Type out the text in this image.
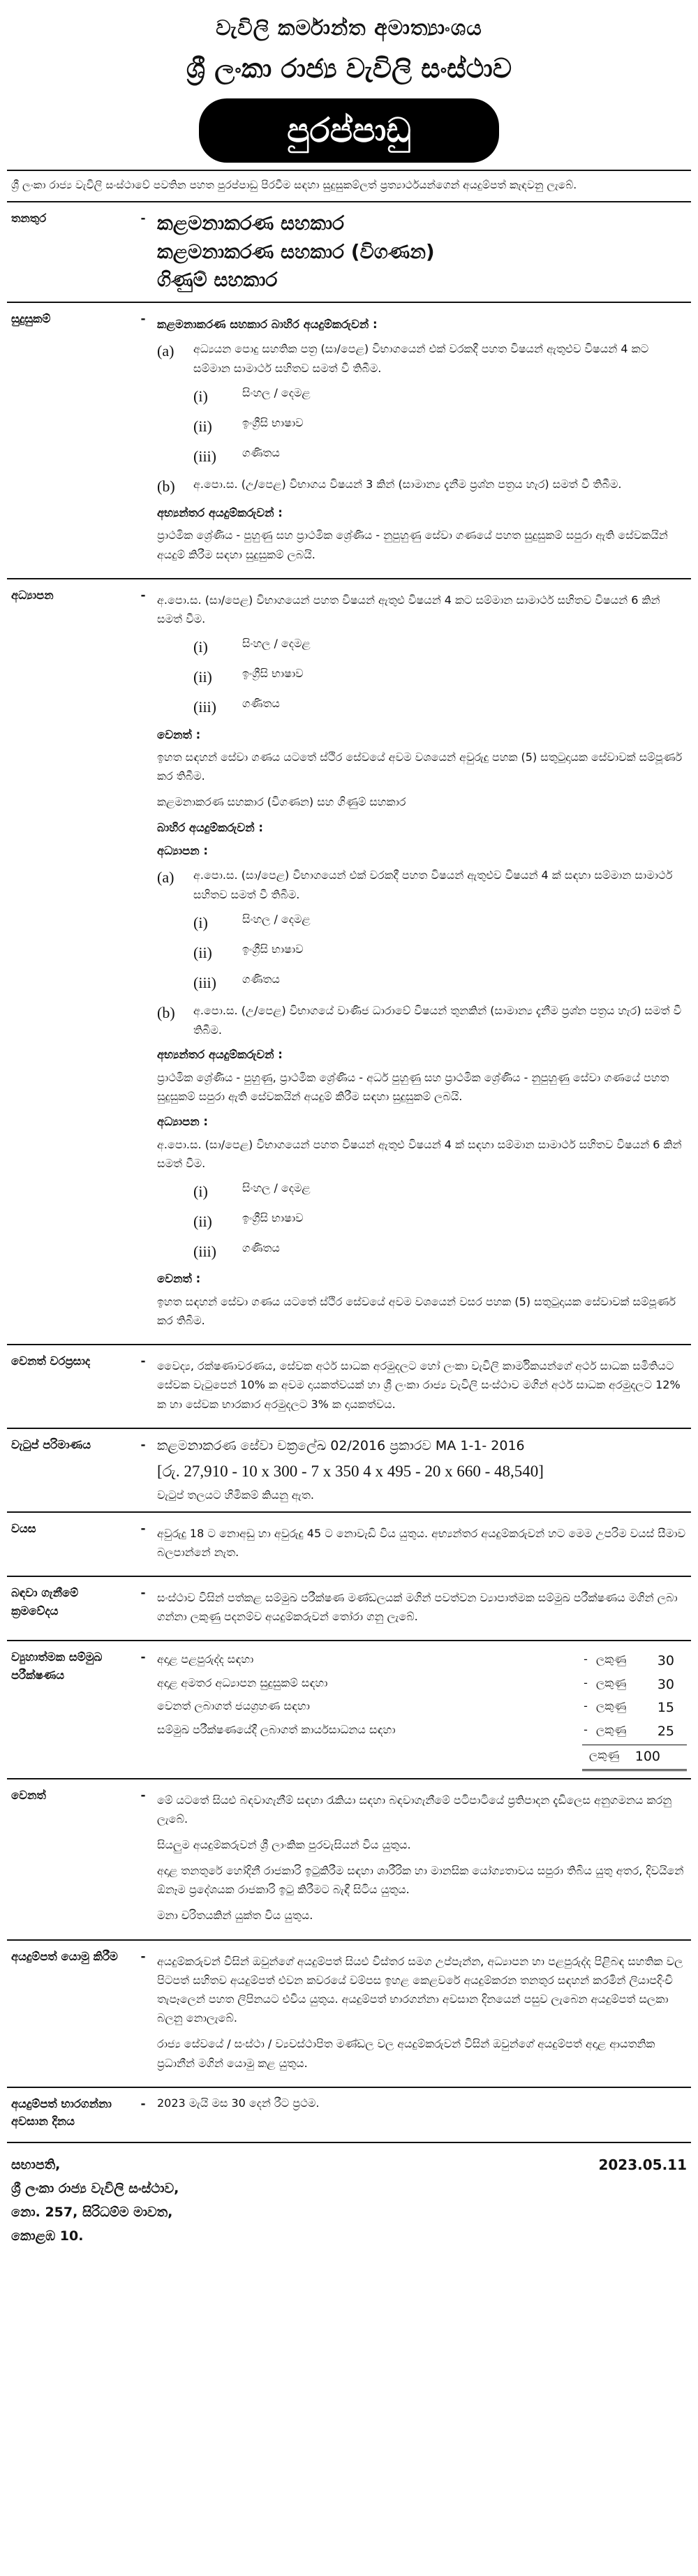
වැවිලි කර්මාන්ත අමාත්‍යාංශය
ශ්‍රී ලංකා රාජ්‍ය වැවිලි සංස්ථාව
පුරප්පාඩු
ශ්‍රී ලංකා රාජ්‍ය වැවිලි සංස්ථාවේ පවතින පහත පුරප්පාඩු පිරවීම සඳහා සුදුසුකම්ලත් ප්‍රත්‍යාර්ථයන්ගෙන් අයදුම්පත් කැඳවනු ලැබේ.
තනතුර	- කළමනාකරණ සහකාර
කළමනාකරණ සහකාර (විගණන)
ගිණුම් සහකාර
සුදුසුකම්	- කළමනාකරණ සහකාර බාහිර අයදුම්කරුවන් :
(a)	අධ්‍යයන පොදු සහතික පත්‍ර (සා/පෙළ) විභාගයෙන් එක් වරකදී පහත විෂයන් ඇතුළුව විෂයන් 4 කට සම්මාන සාමාර්ථ සහිතව සමත් වී තිබීම.
(i)	සිංහල / දෙමළ
(ii)	ඉංග්‍රීසි භාෂාව
(iii)	ගණිතය
(b)	අ.පො.ස. (උ/පෙළ) විභාගය විෂයන් 3 කින් (සාමාන්‍ය දැනීම ප්‍රශ්න පත්‍රය හැර) සමත් වී තිබීම.
අභ්‍යන්තර අයදුම්කරුවන් :
ප්‍රාථමික ශ්‍රේණිය - පුහුණු සහ ප්‍රාථමික ශ්‍රේණිය - නුපුහුණු සේවා ගණයේ පහත සුදුසුකම් සපුරා ඇති සේවකයින් අයදුම් කිරීම සඳහා සුදුසුකම් ලබයි.
අධ්‍යාපන	-	අ.පො.ස. (සා/පෙළ) විභාගයෙන් පහත විෂයන් ඇතුළු විෂයන් 4 කට සම්මාන සාමාර්ථ සහිතව විෂයන් 6 කින් සමත් වීම.
(i)	සිංහල / දෙමළ
(ii)	ඉංග්‍රීසි භාෂාව
(iii)	ගණිතය
වෙනත් :
ඉහත සඳහන් සේවා ගණය යටතේ ස්ථිර සේවයේ අවම වශයෙන් අවුරුදු පහක (5) සතුටුදායක සේවාවක් සම්පූර්ණ කර තිබීම.
කළමනාකරණ සහකාර (විගණන) සහ ගිණුම් සහකාර
බාහිර අයදුම්කරුවන් :
අධ්‍යාපන :
(a)	අ.පො.ස. (සා/පෙළ) විභාගයෙන් එක් වරකදී පහත විෂයන් ඇතුළුව විෂයන් 4 ක් සඳහා සම්මාන සාමාර්ථ සහිතව සමත් වී තිබීම.
(i)	සිංහල / දෙමළ
(ii)	ඉංග්‍රීසි භාෂාව
(iii)	ගණිතය
(b)	අ.පො.ස. (උ/පෙළ) විභාගයේ වාණිජ ධාරාවේ විෂයන් තුනකින් (සාමාන්‍ය දැනීම ප්‍රශ්න පත්‍රය හැර) සමත් වී තිබීම.
අභ්‍යන්තර අයදුම්කරුවන් :
ප්‍රාථමික ශ්‍රේණිය - පුහුණු, ප්‍රාථමික ශ්‍රේණිය - අර්ධ පුහුණු සහ ප්‍රාථමික ශ්‍රේණිය - නුපුහුණු සේවා ගණයේ පහත සුදුසුකම් සපුරා ඇති සේවකයින් අයදුම් කිරීම සඳහා සුදුසුකම් ලබයි.
අධ්‍යාපන :
අ.පො.ස. (සා/පෙළ) විභාගයෙන් පහත විෂයන් ඇතුළු විෂයන් 4 ක් සඳහා සම්මාන සාමාර්ථ සහිතව විෂයන් 6 කින් සමත් වීම.
(i)	සිංහල / දෙමළ
(ii)	ඉංග්‍රීසි භාෂාව
(iii)	ගණිතය
වෙනත් :
ඉහත සඳහන් සේවා ගණය යටතේ ස්ථිර සේවයේ අවම වශයෙන් වසර පහක (5) සතුටුදායක සේවාවක් සම්පූර්ණ කර තිබීම.
වෙනත් වරප්‍රසාද	-	වෛද්‍ය, රක්ෂණාවරණය, සේවක අර්ථ සාධක අරමුදලට හෝ ලංකා වැවිලි කාර්මිකයන්ගේ අර්ථ සාධක සමිතියට සේවක වැටුපෙන් 10% ක අවම දායකත්වයක් හා ශ්‍රී ලංකා රාජ්‍ය වැවිලි සංස්ථාව මගින් අර්ථ සාධක අරමුදලට 12% ක හා සේවක භාරකාර අරමුදලට 3% ක දායකත්වය.
වැටුප් පරිමාණය	- කළමනාකරණ සේවා චක්‍රලේඛ 02/2016 ප්‍රකාරව MA 1-1- 2016
[රු. 27,910 - 10 x 300 - 7 x 350 4 x 495 - 20 x 660 - 48,540]
වැටුප් තලයට හිමිකම් කියනු ඇත.
වයස	-	අවුරුදු 18 ට නොඅඩු හා අවුරුදු 45 ට නොවැඩි විය යුතුය. අභ්‍යන්තර අයදුම්කරුවන් හට මෙම උපරිම වයස් සීමාව බලපාන්නේ නැත.
බඳවා ගැනීමේ ක්‍රමවේදය
-	සංස්ථාව විසින් පත්කළ සම්මුඛ පරීක්ෂණ මණ්ඩලයක් මගින් පවත්වන ව්‍යාපාත්මක සම්මුඛ පරීක්ෂණය මගින් ලබා ගන්නා ලකුණු පදනම්ව අයදුම්කරුවන් තෝරා ගනු ලැබේ.
ව්‍යුහාත්මක සම්මුඛ පරීක්ෂණය
-	අදාළ පළපුරුද්ද සඳහා	- ලකුණු	30
අදාළ අමතර අධ්‍යාපන සුදුසුකම් සඳහා	- ලකුණු	30
වෙනත් ලබාගත් ජයග්‍රහණ සඳහා	- ලකුණු	15
සම්මුඛ පරීක්ෂණයේදී ලබාගත් කාර්යසාධනය සඳහා	- ලකුණු	25
ලකුණු	100
වෙනත්	-	මේ යටතේ සියළු බඳවාගැනීම් සඳහා රැකියා සඳහා බඳවාගැනීමේ පටිපාටියේ ප්‍රතිපාදන දැඩිලෙස අනුගමනය කරනු ලැබේ.
සියලුම අයදුම්කරුවන් ශ්‍රී ලාංකික පුරවැසියන් විය යුතුය.
අදාළ තනතුරේ හෝදිනී රාජකාරි ඉටුකිරීම සඳහා ශාරීරික හා මානසික යෝග්‍යතාවය සපුරා තිබිය යුතු අතර, දිවයිනේ ඕනෑම ප්‍රදේශයක රාජකාරි ඉටු කිරීමට බැඳී සිටිය යුතුය.
මනා චරිතයකින් යුක්ත විය යුතුය.
අයදුම්පත් යොමු කිරීම	-	අයදුම්කරුවන් විසින් ඔවුන්ගේ අයදුම්පත් සියළු විස්තර සමග උප්පැන්න, අධ්‍යාපන හා පළපුරුද්ද පිළිබඳ සහතික වල පිටපත් සහිතව අයදුම්පත් එවන කවරයේ වම්පස ඉහළ කෙළවරේ අයදුම්කරන තනතුර සඳහන් කරමින් ලියාපදිංචි තැපෑලෙන් පහත ලිපිනයට එවිය යුතුය. අයදුම්පත් භාරගන්නා අවසාන දිනයෙන් පසුව ලැබෙන අයදුම්පත් සලකා බලනු නොලැබේ.
රාජ්‍ය සේවයේ / සංස්ථා / ව්‍යවස්ථාපිත මණ්ඩල වල අයදුම්කරුවන් විසින් ඔවුන්ගේ අයදුම්පත් අදාළ ආයතනික ප්‍රධානීන් මගින් යොමු කළ යුතුය.
අයදුම්පත් භාරගන්නා අවසාන දිනය
-	2023 මැයි මස 30 දෙන් රීට ප්‍රථම.
සභාපති,
ශ්‍රී ලංකා රාජ්‍ය වැවිලි සංස්ථාව,
නො. 257, සිරිධම්ම මාවත,
කොළඹ 10.
2023.05.11
